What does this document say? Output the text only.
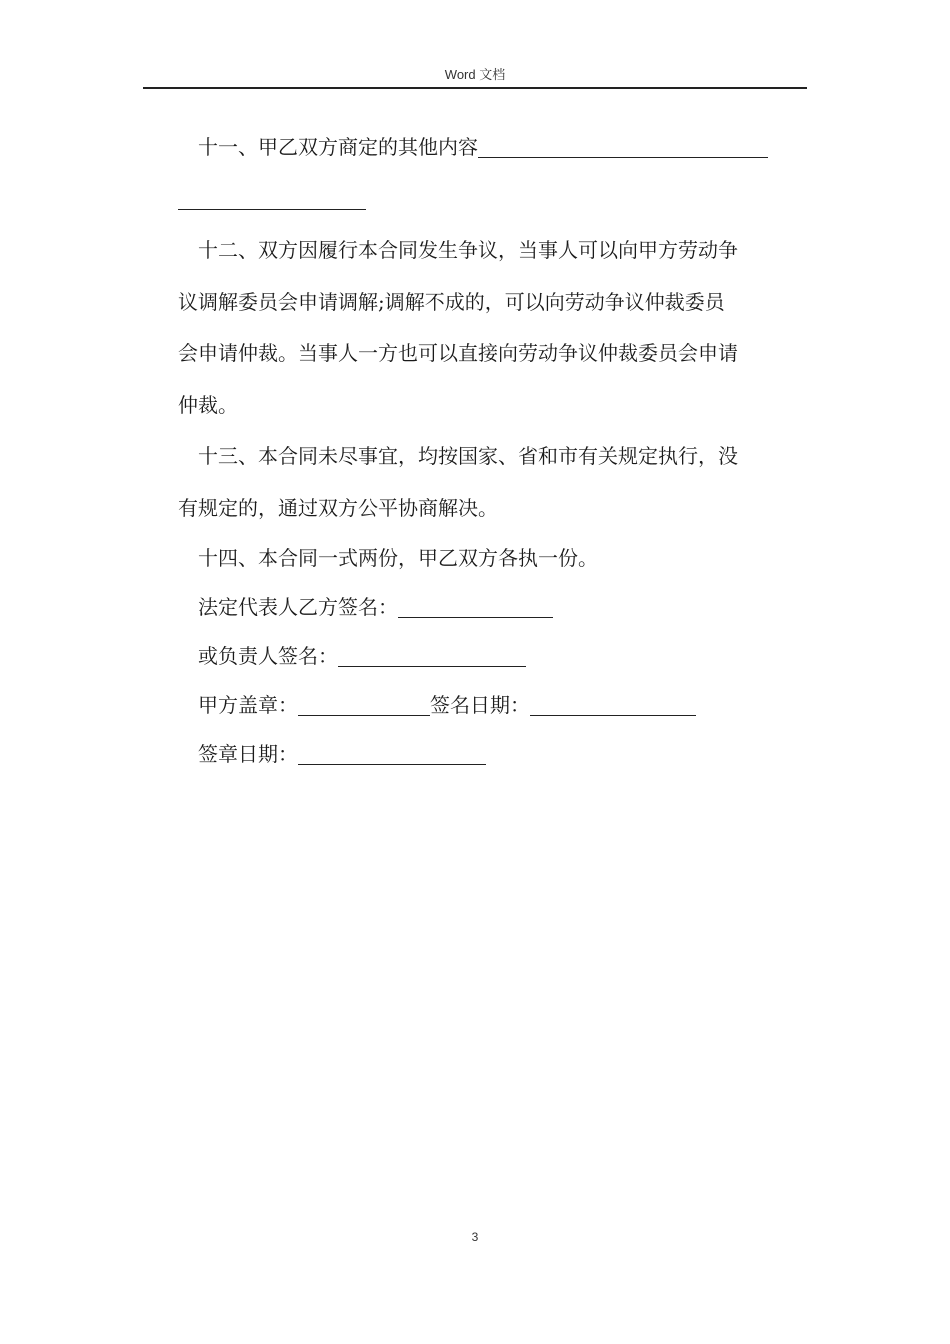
Word 文档

十一、甲乙双方商定的其他内容

十二、双方因履行本合同发生争议，当事人可以向甲方劳动争

议调解委员会申请调解;调解不成的，可以向劳动争议仲裁委员

会申请仲裁。当事人一方也可以直接向劳动争议仲裁委员会申请

仲裁。

十三、本合同未尽事宜，均按国家、省和市有关规定执行，没

有规定的，通过双方公平协商解决。

十四、本合同一式两份，甲乙双方各执一份。

法定代表人乙方签名：

或负责人签名：

甲方盖章：	签名日期：

签章日期：

3
